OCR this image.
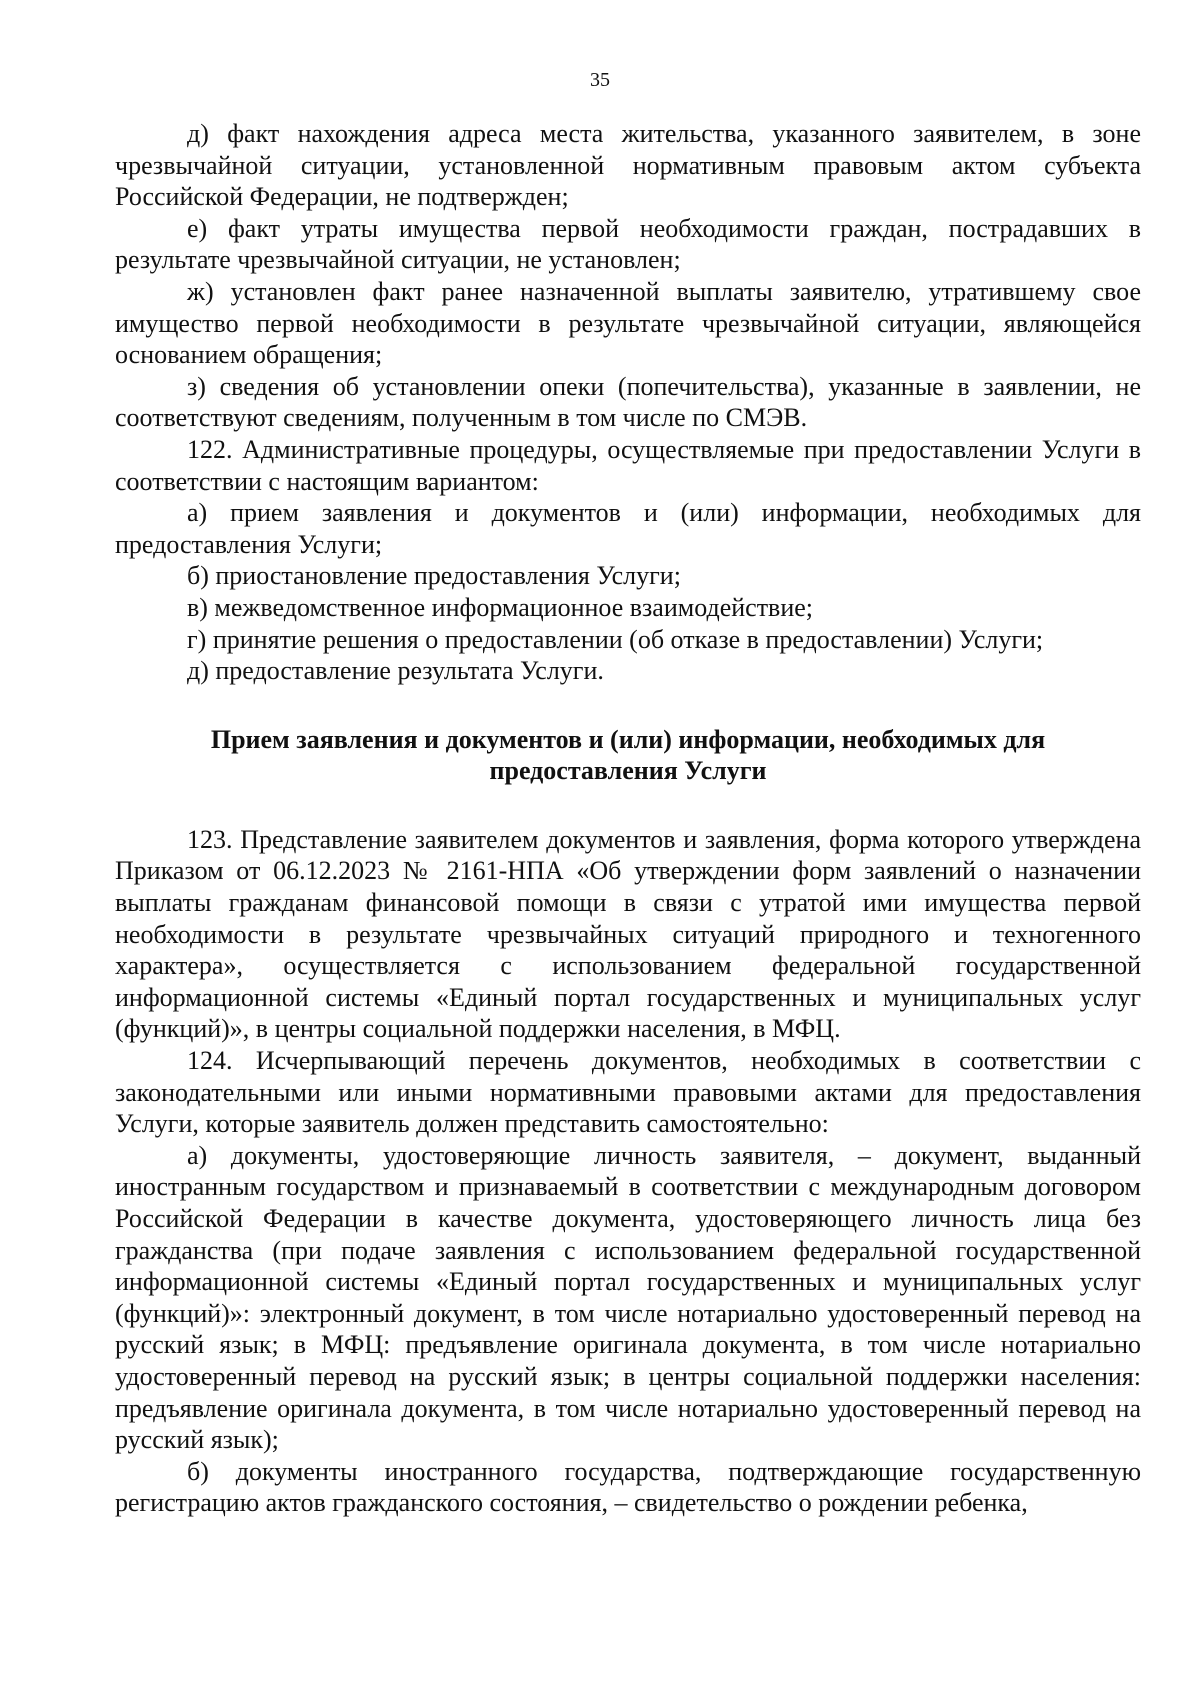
35

д) факт нахождения адреса места жительства, указанного заявителем, в зоне чрезвычайной ситуации, установленной нормативным правовым актом субъекта Российской Федерации, не подтвержден;

е) факт утраты имущества первой необходимости граждан, пострадавших в результате чрезвычайной ситуации, не установлен;

ж) установлен факт ранее назначенной выплаты заявителю, утратившему свое имущество первой необходимости в результате чрезвычайной ситуации, являющейся основанием обращения;

з) сведения об установлении опеки (попечительства), указанные в заявлении, не соответствуют сведениям, полученным в том числе по СМЭВ.

122. Административные процедуры, осуществляемые при предоставлении Услуги в соответствии с настоящим вариантом:

а) прием заявления и документов и (или) информации, необходимых для предоставления Услуги;

б) приостановление предоставления Услуги;

в) межведомственное информационное взаимодействие;

г) принятие решения о предоставлении (об отказе в предоставлении) Услуги;

д) предоставление результата Услуги.

Прием заявления и документов и (или) информации, необходимых для предоставления Услуги

123. Представление заявителем документов и заявления, форма которого утверждена Приказом от 06.12.2023 № 2161-НПА «Об утверждении форм заявлений о назначении выплаты гражданам финансовой помощи в связи с утратой ими имущества первой необходимости в результате чрезвычайных ситуаций природного и техногенного характера», осуществляется с использованием федеральной государственной информационной системы «Единый портал государственных и муниципальных услуг (функций)», в центры социальной поддержки населения, в МФЦ.

124. Исчерпывающий перечень документов, необходимых в соответствии с законодательными или иными нормативными правовыми актами для предоставления Услуги, которые заявитель должен представить самостоятельно:

а) документы, удостоверяющие личность заявителя, – документ, выданный иностранным государством и признаваемый в соответствии с международным договором Российской Федерации в качестве документа, удостоверяющего личность лица без гражданства (при подаче заявления с использованием федеральной государственной информационной системы «Единый портал государственных и муниципальных услуг (функций)»: электронный документ, в том числе нотариально удостоверенный перевод на русский язык; в МФЦ: предъявление оригинала документа, в том числе нотариально удостоверенный перевод на русский язык; в центры социальной поддержки населения: предъявление оригинала документа, в том числе нотариально удостоверенный перевод на русский язык);

б) документы иностранного государства, подтверждающие государственную регистрацию актов гражданского состояния, – свидетельство о рождении ребенка,
